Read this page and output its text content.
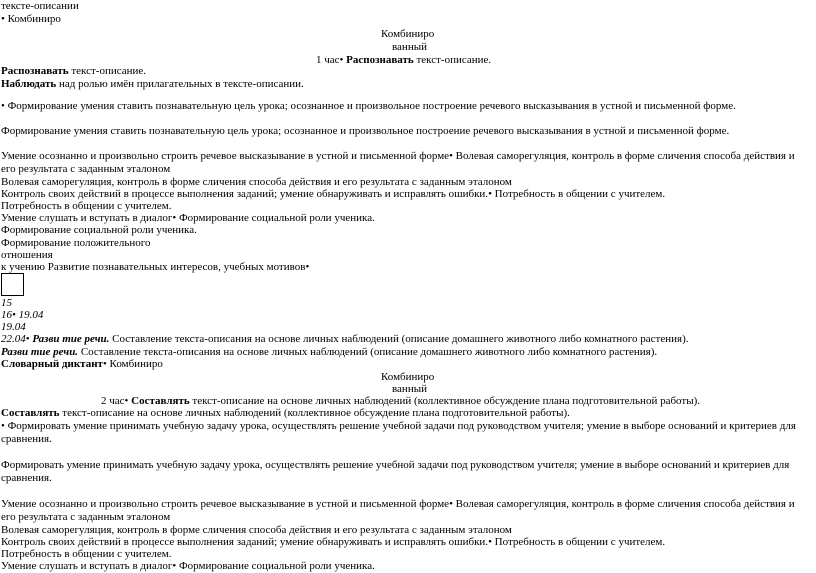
тексте-описании
• Комбиниро
Комбиниро
ванный
1 час• Распознавать текст-описание.
Распознавать текст-описание.
Наблюдать над ролью имён прилагательных в тексте-описании.
• Формирование умения ставить познавательную цель урока; осознанное и произвольное построение речевого высказывания в устной и письменной форме.
Формирование умения ставить познавательную цель урока; осознанное и произвольное построение речевого высказывания в устной и письменной форме.
Умение осознанно и произвольно строить речевое высказывание в устной и письменной форме• Волевая саморегуляция, контроль в форме сличения способа действия и его результата с заданным эталоном
Волевая саморегуляция, контроль в форме сличения способа действия и его результата с заданным эталоном
Контроль своих действий в процессе выполнения заданий; умение обнаруживать и исправлять ошибки.• Потребность в общении с учителем.
Потребность в общении с учителем.
Умение слушать и вступать в диалог• Формирование социальной роли ученика.
Формирование социальной роли ученика.
Формирование положительного
отношения
к учению Развитие познавательных интересов, учебных мотивов•
15
16• 19.04
19.04
22.04• Разви тие речи. Составление текста-описания на основе личных наблюдений (описание домашнего животного либо комнатного растения).
Разви тие речи. Составление текста-описания на основе личных наблюдений (описание домашнего животного либо комнатного растения).
Словарный диктант• Комбиниро
Комбиниро
ванный
2 час• Составлять текст-описание на основе личных наблюдений (коллективное обсуждение плана подготовительной работы).
Составлять текст-описание на основе личных наблюдений (коллективное обсуждение плана подготовительной работы).
• Формировать умение принимать учебную задачу урока, осуществлять решение учебной задачи под руководством учителя; умение в выборе оснований и критериев для сравнения.
Формировать умение принимать учебную задачу урока, осуществлять решение учебной задачи под руководством учителя; умение в выборе оснований и критериев для сравнения.
Умение осознанно и произвольно строить речевое высказывание в устной и письменной форме• Волевая саморегуляция, контроль в форме сличения способа действия и его результата с заданным эталоном
Волевая саморегуляция, контроль в форме сличения способа действия и его результата с заданным эталоном
Контроль своих действий в процессе выполнения заданий; умение обнаруживать и исправлять ошибки.• Потребность в общении с учителем.
Потребность в общении с учителем.
Умение слушать и вступать в диалог• Формирование социальной роли ученика.
